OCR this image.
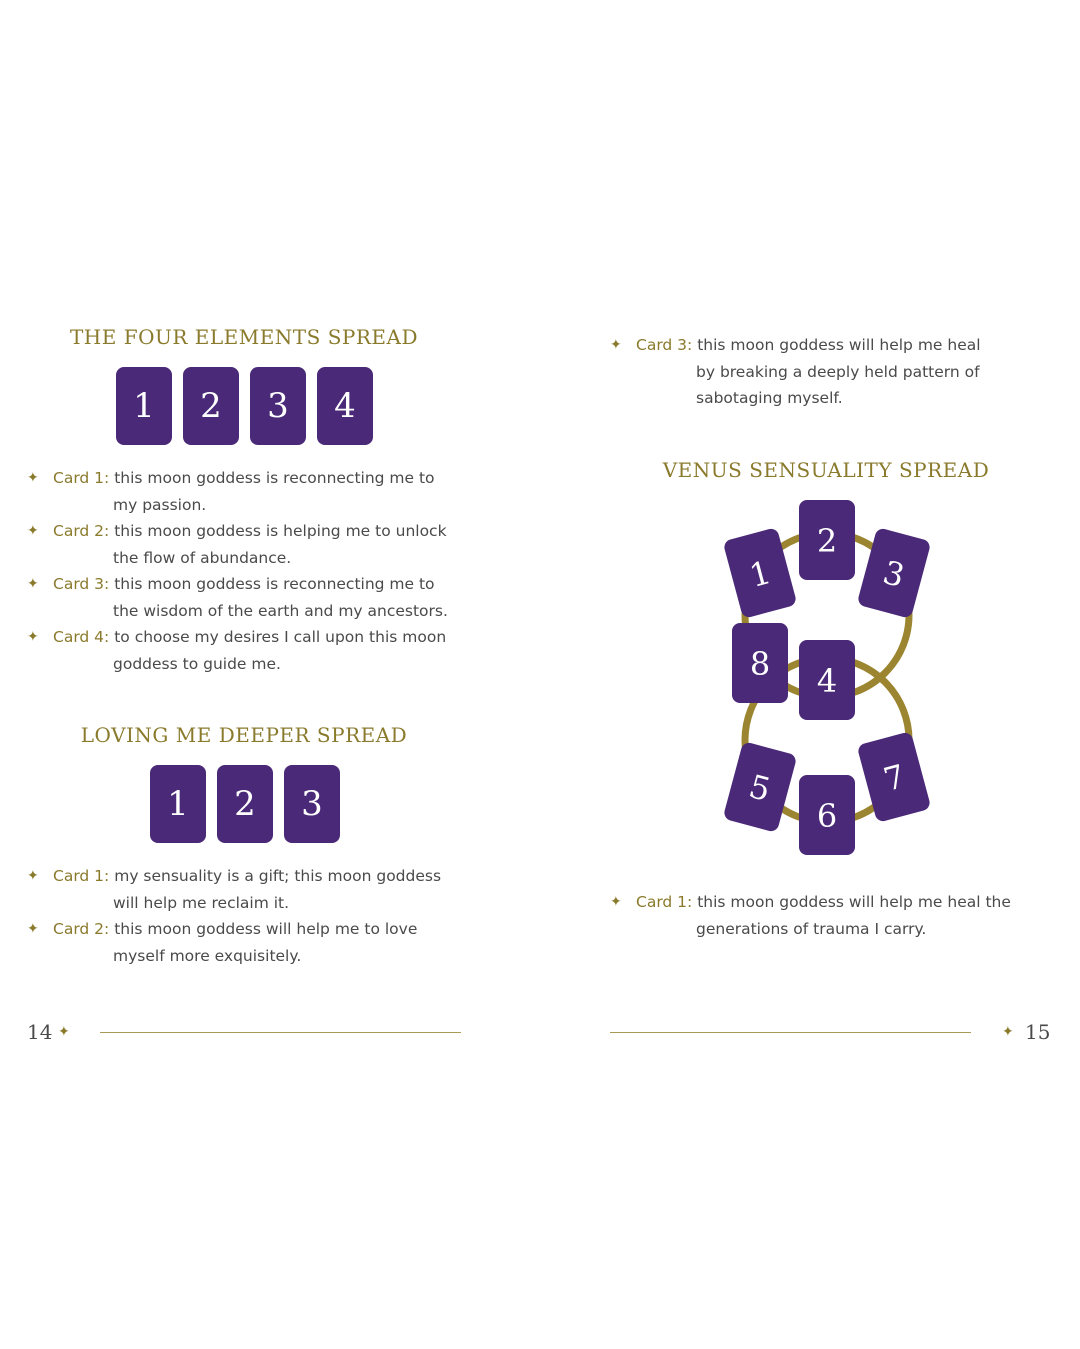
THE FOUR ELEMENTS SPREAD
1	2	3	4
✦ Card 1: this moon goddess is reconnecting me to
my passion.
✦ Card 2: this moon goddess is helping me to unlock
the flow of abundance.
✦ Card 3: this moon goddess is reconnecting me to
the wisdom of the earth and my ancestors.
✦ Card 4: to choose my desires I call upon this moon
goddess to guide me.
LOVING ME DEEPER SPREAD
1	2	3
✦ Card 1: my sensuality is a gift; this moon goddess
will help me reclaim it.
✦ Card 2: this moon goddess will help me to love
myself more exquisitely.
14 ✦
✦ Card 3: this moon goddess will help me heal
by breaking a deeply held pattern of
sabotaging myself.
VENUS SENSUALITY SPREAD
1
2
3
8 4
5
6
7
✦ Card 1: this moon goddess will help me heal the
generations of trauma I carry.
✦ 15
